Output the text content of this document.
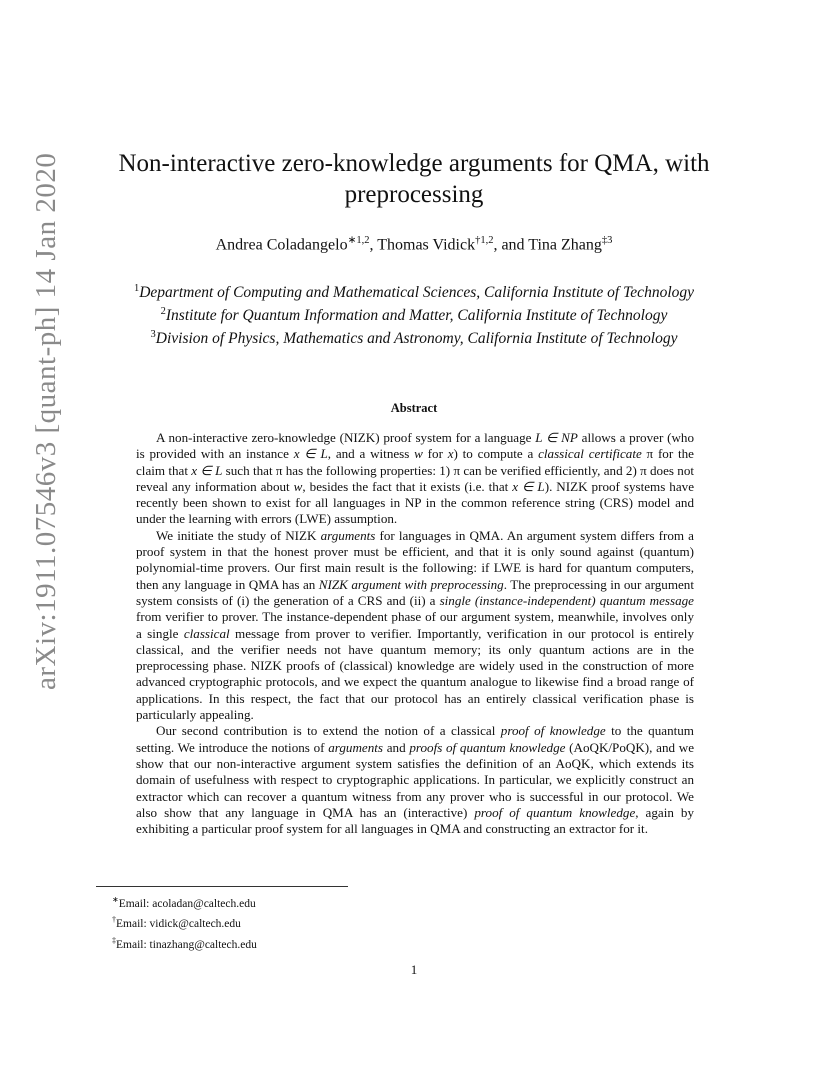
arXiv:1911.07546v3 [quant-ph] 14 Jan 2020	Non-interactive zero-knowledge arguments for QMA, with
preprocessing
Andrea Coladangelo$^{∗1,2}$, Thomas Vidick$^{\dagger 1,2}$, and Tina Zhang$^{\ddagger 3}$
$^1$Department of Computing and Mathematical Sciences, California Institute of Technology
$^2$Institute for Quantum Information and Matter, California Institute of Technology
$^3$Division of Physics, Mathematics and Astronomy, California Institute of Technology
Abstract

A non-interactive zero-knowledge (NIZK) proof system for a language L ∈ NP allows a prover (who is provided with an instance x ∈ L, and a witness w for x) to compute a classical certificate π for the claim that x ∈ L such that π has the following properties: 1) π can be verified efficiently, and 2) π does not reveal any information about w, besides the fact that it exists (i.e. that x ∈ L). NIZK proof systems have recently been shown to exist for all languages in NP in the common reference string (CRS) model and under the learning with errors (LWE) assumption.

We initiate the study of NIZK arguments for languages in QMA. An argument system differs from a proof system in that the honest prover must be efficient, and that it is only sound against (quantum) polynomial-time provers. Our first main result is the following: if LWE is hard for quantum computers, then any language in QMA has an NIZK argument with preprocessing. The preprocessing in our argument system consists of (i) the generation of a CRS and (ii) a single (instance-independent) quantum message from verifier to prover. The instance-dependent phase of our argument system, meanwhile, involves only a single classical message from prover to verifier. Importantly, verification in our protocol is entirely classical, and the verifier needs not have quantum memory; its only quantum actions are in the preprocessing phase. NIZK proofs of (classical) knowledge are widely used in the construction of more advanced cryptographic protocols, and we expect the quantum analogue to likewise find a broad range of applications. In this respect, the fact that our protocol has an entirely classical verification phase is particularly appealing.

Our second contribution is to extend the notion of a classical proof of knowledge to the quantum setting. We introduce the notions of arguments and proofs of quantum knowledge (AoQK/PoQK), and we show that our non-interactive argument system satisfies the definition of an AoQK, which extends its domain of usefulness with respect to cryptographic applications. In particular, we explicitly construct an extractor which can recover a quantum witness from any prover who is successful in our protocol. We also show that any language in QMA has an (interactive) proof of quantum knowledge, again by exhibiting a particular proof system for all languages in QMA and constructing an extractor for it.

∗Email: acoladan@caltech.edu
†Email: vidick@caltech.edu
‡Email: tinazhang@caltech.edu
1
